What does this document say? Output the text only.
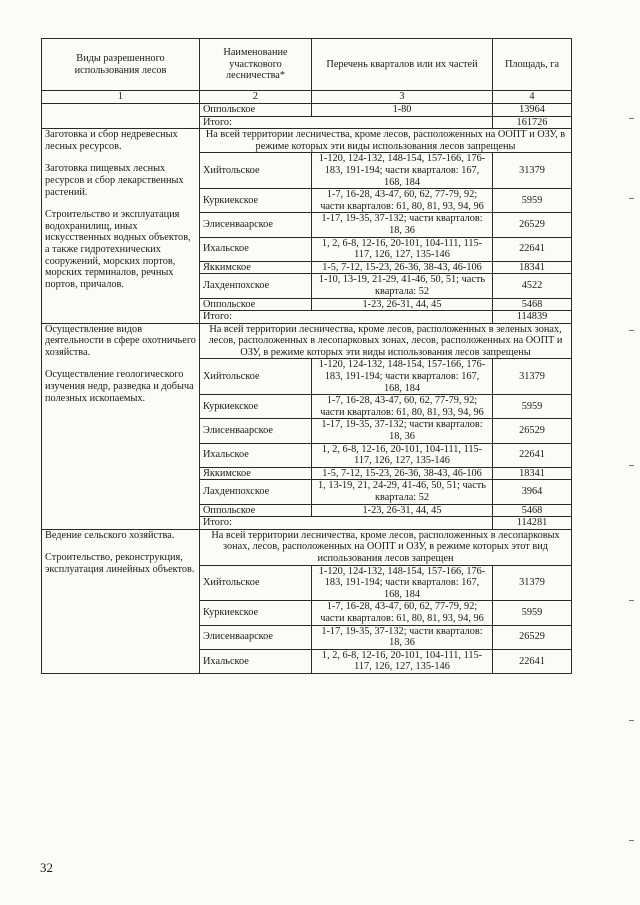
Виды разрешенного использования лесов	Наименование участкового лесничества*	Перечень кварталов или их частей	Площадь, га
1	2	3	4
	Оппольское	1-80	13964
	Итого:		161726

Заготовка и сбор недревесных лесных ресурсов.
Заготовка пищевых лесных ресурсов и сбор лекарственных растений.
Строительство и эксплуатация водохранилищ, иных искусственных водных объектов, а также гидротехнических сооружений, морских портов, морских терминалов, речных портов, причалов.	На всей территории лесничества, кроме лесов, расположенных на ООПТ и ОЗУ, в режиме которых эти виды использования лесов запрещены		
	Хийтольское	1-120, 124-132, 148-154, 157-166, 176-183, 191-194; части кварталов: 167, 168, 184	31379
	Куркиекское	1-7, 16-28, 43-47, 60, 62, 77-79, 92; части кварталов: 61, 80, 81, 93, 94, 96	5959
	Элисенваарское	1-17, 19-35, 37-132; части кварталов: 18, 36	26529
	Ихальское	1, 2, 6-8, 12-16, 20-101, 104-111, 115-117, 126, 127, 135-146	22641
	Яккимское	1-5, 7-12, 15-23, 26-36, 38-43, 46-106	18341
	Лахденпохское	1-10, 13-19, 21-29, 41-46, 50, 51; часть квартала: 52	4522
	Оппольское	1-23, 26-31, 44, 45	5468
	Итого:		114839

Осуществление видов деятельности в сфере охотничьего хозяйства.
Осуществление геологического изучения недр, разведка и добыча полезных ископаемых.	На всей территории лесничества, кроме лесов, расположенных в зеленых зонах, лесов, расположенных в лесопарковых зонах, лесов, расположенных на ООПТ и ОЗУ, в режиме которых эти виды использования лесов запрещены		
	Хийтольское	1-120, 124-132, 148-154, 157-166, 176-183, 191-194; части кварталов: 167, 168, 184	31379
	Куркиекское	1-7, 16-28, 43-47, 60, 62, 77-79, 92; части кварталов: 61, 80, 81, 93, 94, 96	5959
	Элисенваарское	1-17, 19-35, 37-132; части кварталов: 18, 36	26529
	Ихальское	1, 2, 6-8, 12-16, 20-101, 104-111, 115-117, 126, 127, 135-146	22641
	Яккимское	1-5, 7-12, 15-23, 26-36, 38-43, 46-106	18341
	Лахденпохское	1, 13-19, 21, 24-29, 41-46, 50, 51; часть квартала: 52	3964
	Оппольское	1-23, 26-31, 44, 45	5468
	Итого:		114281

Ведение сельского хозяйства.
Строительство, реконструкция, эксплуатация линейных объектов.	На всей территории лесничества, кроме лесов, расположенных в лесопарковых зонах, лесов, расположенных на ООПТ и ОЗУ, в режиме которых этот вид использования лесов запрещен		
	Хийтольское	1-120, 124-132, 148-154, 157-166, 176-183, 191-194; части кварталов: 167, 168, 184	31379
	Куркиекское	1-7, 16-28, 43-47, 60, 62, 77-79, 92; части кварталов: 61, 80, 81, 93, 94, 96	5959
	Элисенваарское	1-17, 19-35, 37-132; части кварталов: 18, 36	26529
	Ихальское	1, 2, 6-8, 12-16, 20-101, 104-111, 115-117, 126, 127, 135-146	22641
32
